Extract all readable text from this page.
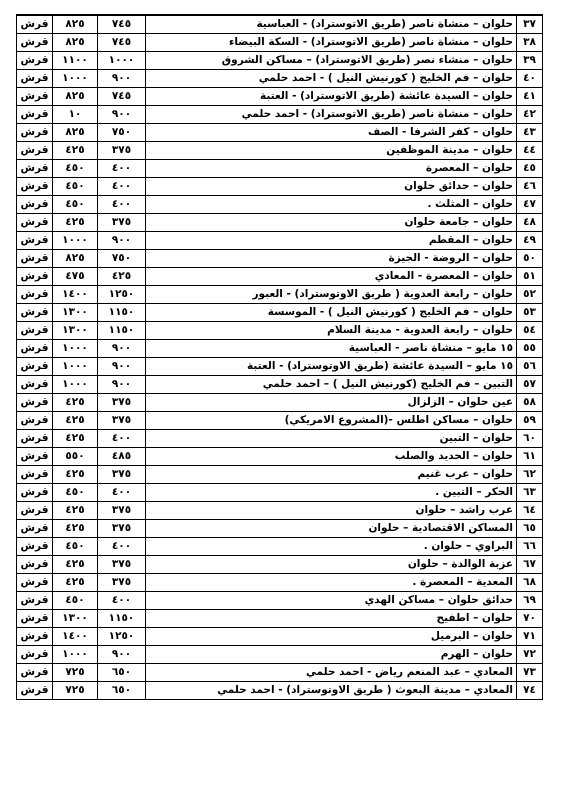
٣٧	حلوان – منشاة ناصر (طريق الاتوستراد) - العباسية	٧٤٥	٨٢٥	قرش
٣٨	حلوان – منشاة ناصر (طريق الاتوستراد) - السكة البيضاء	٧٤٥	٨٢٥	قرش
٣٩	حلوان – منشاء نصر (طريق الاتوستراد) – مساكن الشروق	١٠٠٠	١١٠٠	قرش
٤٠	حلوان – فم الخليج ( كورنيش النيل ) - احمد حلمي	٩٠٠	١٠٠٠	قرش
٤١	حلوان – السيدة عائشة (طريق الاتوستراد) - العتبة	٧٤٥	٨٢٥	قرش
٤٢	حلوان – منشاة ناصر (طريق الاتوستراد) - احمد حلمي	٩٠٠	١٠	قرش
٤٣	حلوان – كفر الشرفا - الصف	٧٥٠	٨٢٥	قرش
٤٤	حلوان – مدينة الموظفين	٣٧٥	٤٢٥	قرش
٤٥	حلوان – المعصرة	٤٠٠	٤٥٠	قرش
٤٦	حلوان – حدائق حلوان	٤٠٠	٤٥٠	قرش
٤٧	حلوان – المثلث .	٤٠٠	٤٥٠	قرش
٤٨	حلوان – جامعة حلوان	٣٧٥	٤٢٥	قرش
٤٩	حلوان – المقطم	٩٠٠	١٠٠٠	قرش
٥٠	حلوان – الروضة - الجيزة	٧٥٠	٨٢٥	قرش
٥١	حلوان – المعصرة - المعادي	٤٢٥	٤٧٥	قرش
٥٢	حلوان – رابعة العدوية ( طريق الاوتوستراد) - العبور	١٢٥٠	١٤٠٠	قرش
٥٣	حلوان – فم الخليج ( كورنيش النيل ) - الموسسة	١١٥٠	١٣٠٠	قرش
٥٤	حلوان – رابعة العدوية - مدينة السلام	١١٥٠	١٣٠٠	قرش
٥٥	١٥ مايو – منشاة ناصر - العباسية	٩٠٠	١٠٠٠	قرش
٥٦	١٥ مايو – السيدة عائشة (طريق الاوتوستراد) - العتبة	٩٠٠	١٠٠٠	قرش
٥٧	التبين – فم الخليج (كورنيش النيل ) – احمد حلمي	٩٠٠	١٠٠٠	قرش
٥٨	عين حلوان – الزلزال	٣٧٥	٤٢٥	قرش
٥٩	حلوان – مساكن اطلس -(المشروع الامريكي)	٣٧٥	٤٢٥	قرش
٦٠	حلوان – التبين	٤٠٠	٤٢٥	قرش
٦١	حلوان – الحديد والصلب	٤٨٥	٥٥٠	قرش
٦٢	حلوان – عرب غنيم	٣٧٥	٤٢٥	قرش
٦٣	الحكر – التبين .	٤٠٠	٤٥٠	قرش
٦٤	عرب راشد – حلوان	٣٧٥	٤٢٥	قرش
٦٥	المساكن الاقتصادية – حلوان	٣٧٥	٤٢٥	قرش
٦٦	البراوي – حلوان .	٤٠٠	٤٥٠	قرش
٦٧	عزبة الوالدة – حلوان	٣٧٥	٤٢٥	قرش
٦٨	المعدية – المعصرة .	٣٧٥	٤٢٥	قرش
٦٩	حدائق حلوان – مساكن الهدي	٤٠٠	٤٥٠	قرش
٧٠	حلوان – اطفيح	١١٥٠	١٣٠٠	قرش
٧١	حلوان – البرميل	١٢٥٠	١٤٠٠	قرش
٧٢	حلوان – الهرم	٩٠٠	١٠٠٠	قرش
٧٣	المعادي – عبد المنعم رياض - احمد حلمي	٦٥٠	٧٢٥	قرش
٧٤	المعادي – مدينة البعوث ( طريق الاوتوستراد) - احمد حلمي	٦٥٠	٧٢٥	قرش
